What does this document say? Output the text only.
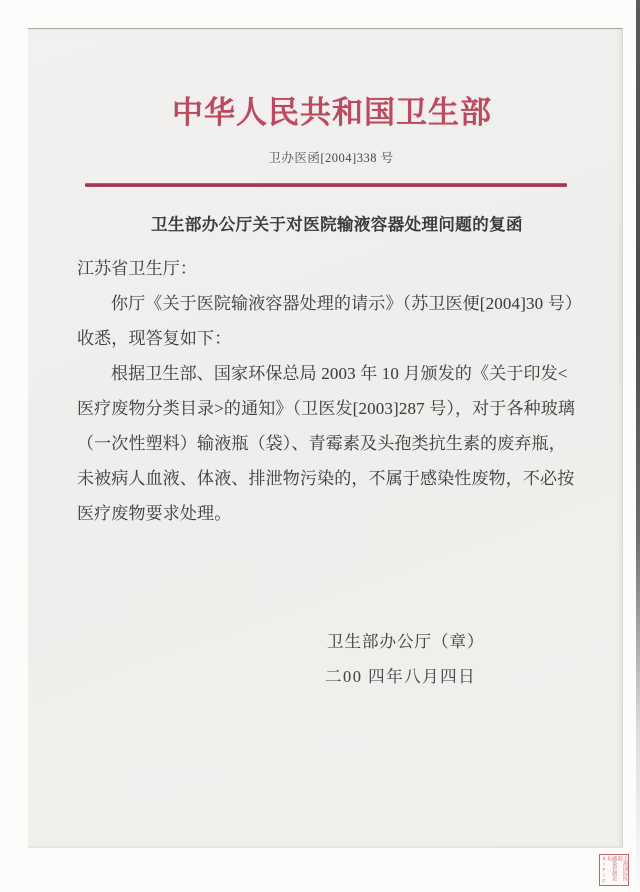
中华人民共和国卫生部
卫办医函[2004]338 号
卫生部办公厅关于对医院输液容器处理问题的复函
江苏省卫生厅：
你厅《关于医院输液容器处理的请示》（苏卫医便[2004]30 号）
收悉，现答复如下：
根据卫生部、国家环保总局 2003 年 10 月颁发的《关于印发<
医疗废物分类目录>的通知》（卫医发[2003]287 号），对于各种玻璃
（一次性塑料）输液瓶（袋）、青霉素及头孢类抗生素的废弃瓶，
未被病人血液、体液、排泄物污染的，不属于感染性废物，不必按
医疗废物要求处理。
卫生部办公厅（章）
二00 四年八月四日
SIFIC 感染控制论坛	上海国际医院
